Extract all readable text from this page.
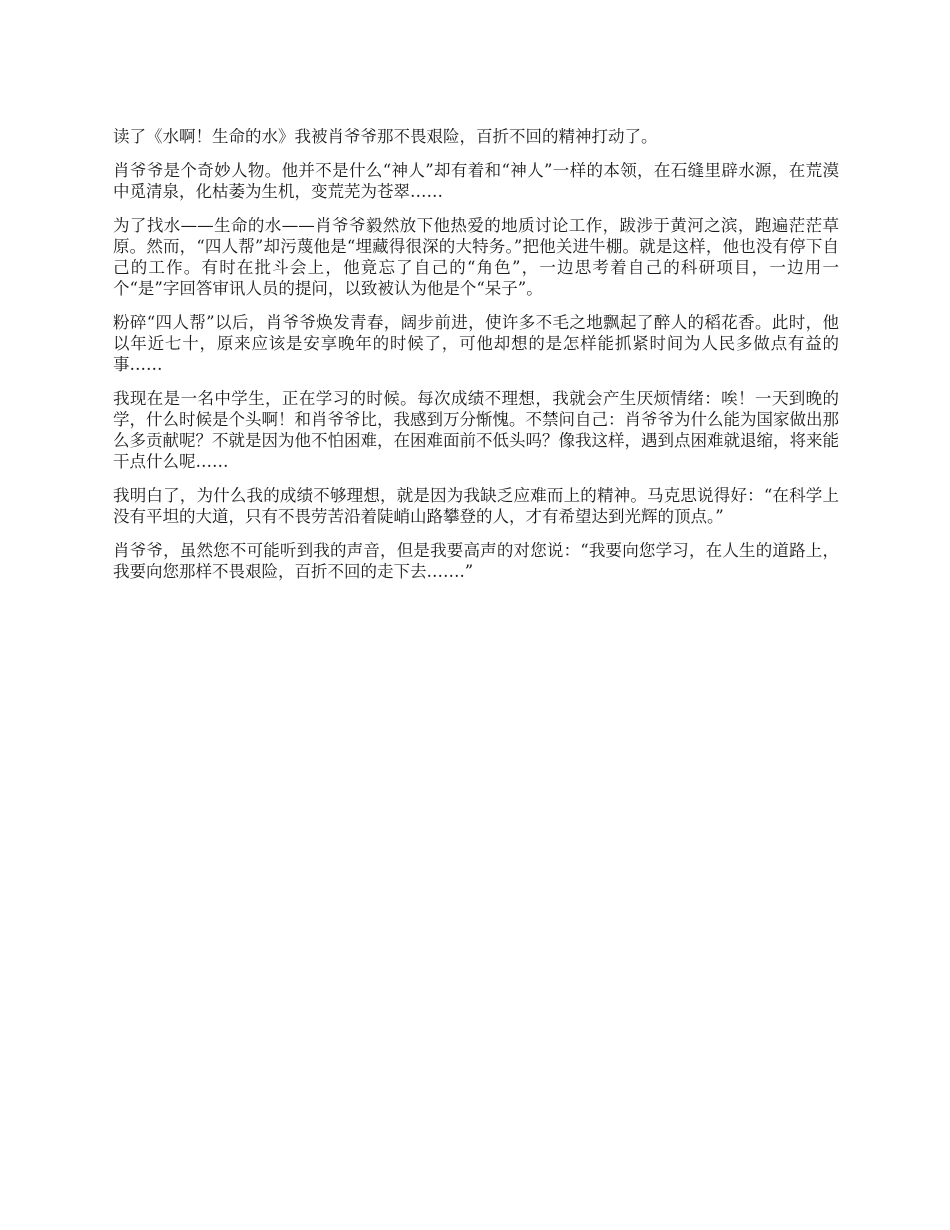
读了《水啊！生命的水》我被肖爷爷那不畏艰险，百折不回的精神打动了。

肖爷爷是个奇妙人物。他并不是什么“神人”却有着和“神人”一样的本领，在石缝里辟水源，在荒漠中觅清泉，化枯萎为生机，变荒芜为苍翠……

为了找水——生命的水——肖爷爷毅然放下他热爱的地质讨论工作，跋涉于黄河之滨，跑遍茫茫草原。然而，“四人帮”却污蔑他是“埋藏得很深的大特务。”把他关进牛棚。就是这样，他也没有停下自己的工作。有时在批斗会上，他竟忘了自己的“角色”，一边思考着自己的科研项目，一边用一个“是”字回答审讯人员的提问，以致被认为他是个“呆子”。

粉碎“四人帮”以后，肖爷爷焕发青春，阔步前进，使许多不毛之地飘起了醉人的稻花香。此时，他以年近七十，原来应该是安享晚年的时候了，可他却想的是怎样能抓紧时间为人民多做点有益的事……

我现在是一名中学生，正在学习的时候。每次成绩不理想，我就会产生厌烦情绪：唉！一天到晚的学，什么时候是个头啊！和肖爷爷比，我感到万分惭愧。不禁问自己：肖爷爷为什么能为国家做出那么多贡献呢？不就是因为他不怕困难，在困难面前不低头吗？像我这样，遇到点困难就退缩，将来能干点什么呢……

我明白了，为什么我的成绩不够理想，就是因为我缺乏应难而上的精神。马克思说得好：“在科学上没有平坦的大道，只有不畏劳苦沿着陡峭山路攀登的人，才有希望达到光辉的顶点。”

肖爷爷，虽然您不可能听到我的声音，但是我要高声的对您说：“我要向您学习，在人生的道路上，我要向您那样不畏艰险，百折不回的走下去…….”
